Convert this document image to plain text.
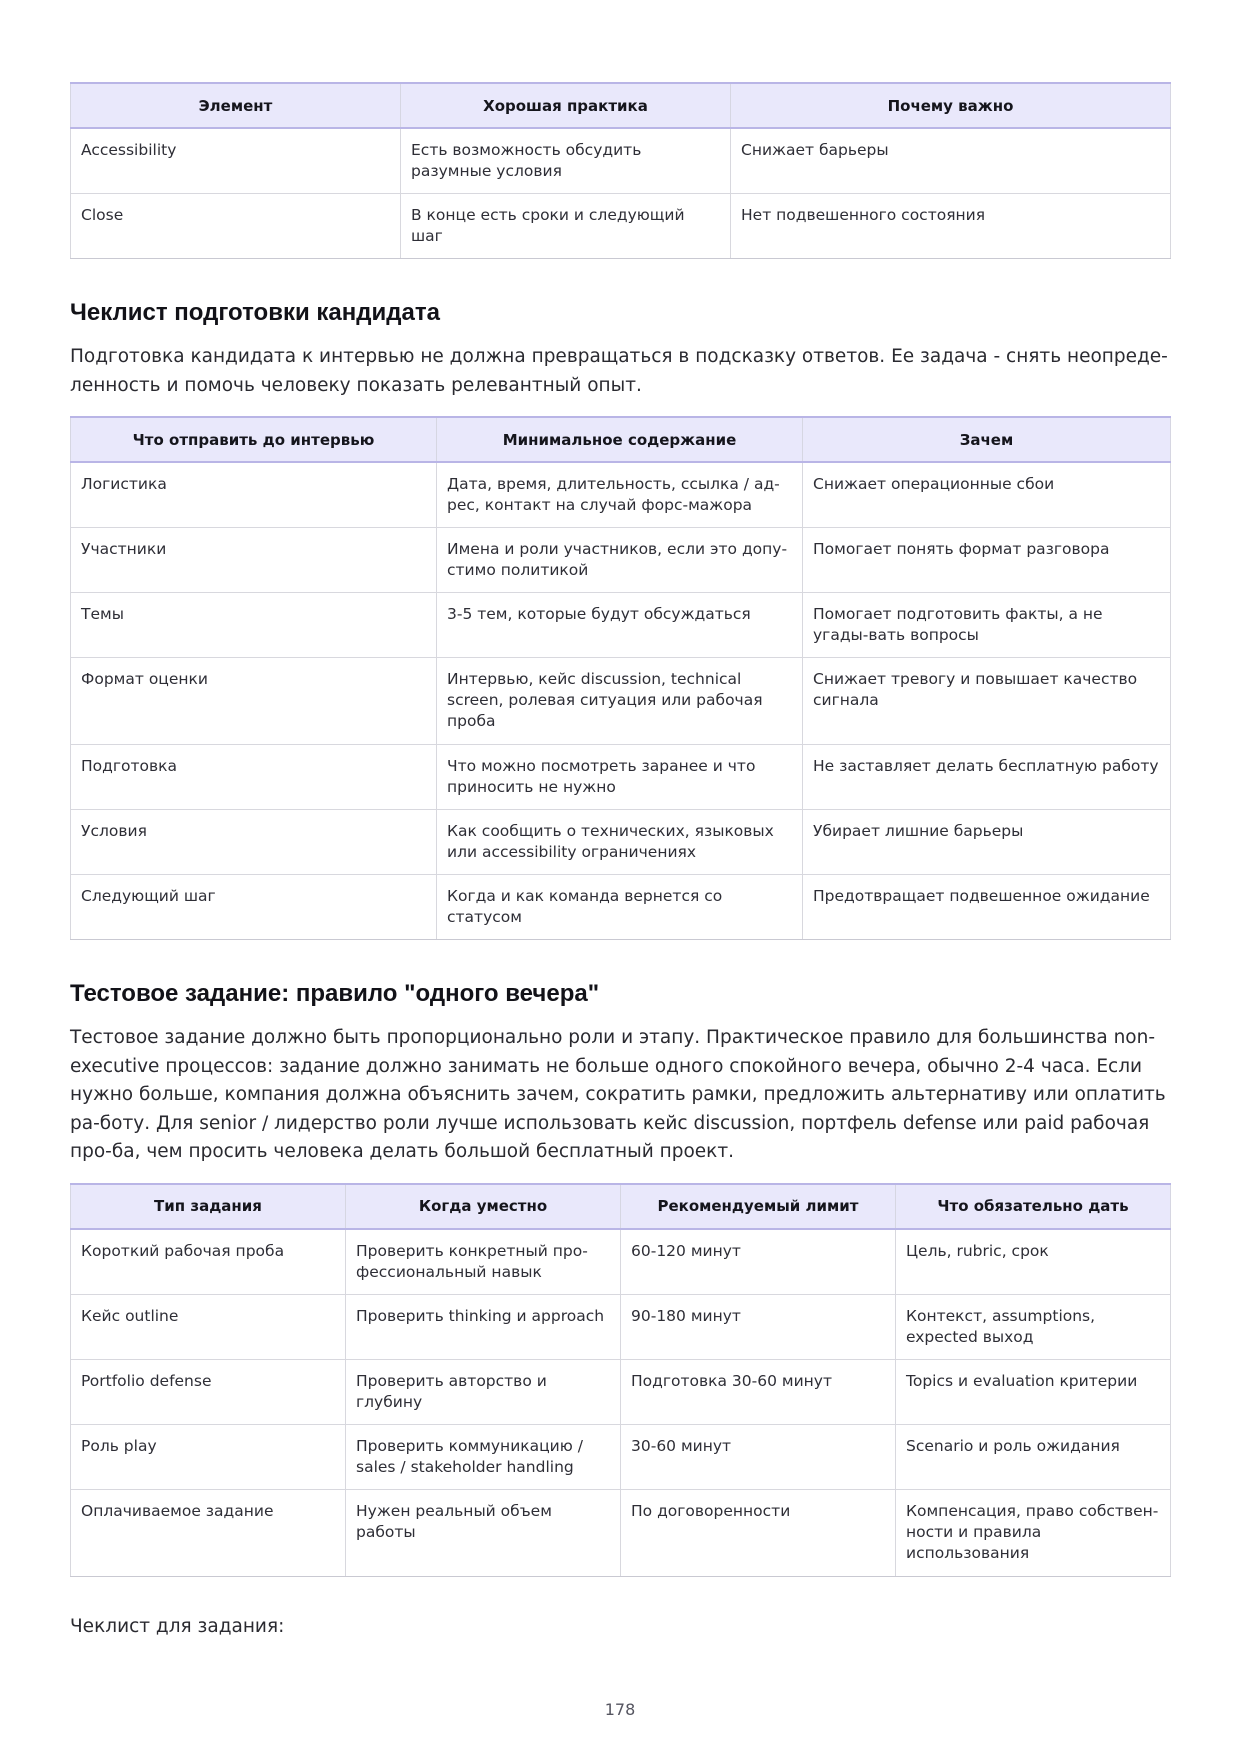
Элемент	Хорошая практика	Почему важно
Accessibility	Есть возможность обсудить разумные условия	Снижает барьеры
Close	В конце есть сроки и следующий шаг	Нет подвешенного состояния
Чеклист подготовки кандидата

Подготовка кандидата к интервью не должна превращаться в подсказку ответов. Ее задача - снять неопреде-ленность и помочь человеку показать релевантный опыт.

Что отправить до интервью	Минимальное содержание	Зачем
Логистика	Дата, время, длительность, ссылка / ад-рес, контакт на случай форс-мажора	Снижает операционные сбои
Участники	Имена и роли участников, если это допу-стимо политикой	Помогает понять формат разговора
Темы	3-5 тем, которые будут обсуждаться	Помогает подготовить факты, а не угады-вать вопросы
Формат оценки	Интервью, кейс discussion, technical screen, ролевая ситуация или рабочая проба	Снижает тревогу и повышает качество сигнала
Подготовка	Что можно посмотреть заранее и что приносить не нужно	Не заставляет делать бесплатную работу
Условия	Как сообщить о технических, языковых или accessibility ограничениях	Убирает лишние барьеры
Следующий шаг	Когда и как команда вернется со статусом	Предотвращает подвешенное ожидание
Тестовое задание: правило "одного вечера"

Тестовое задание должно быть пропорционально роли и этапу. Практическое правило для большинства non-executive процессов: задание должно занимать не больше одного спокойного вечера, обычно 2-4 часа. Если нужно больше, компания должна объяснить зачем, сократить рамки, предложить альтернативу или оплатить ра-боту. Для senior / лидерство роли лучше использовать кейс discussion, портфель defense или paid рабочая про-ба, чем просить человека делать большой бесплатный проект.

Тип задания	Когда уместно	Рекомендуемый лимит	Что обязательно дать
Короткий рабочая проба	Проверить конкретный про-фессиональный навык	60-120 минут	Цель, rubric, срок
Кейс outline	Проверить thinking и approach	90-180 минут	Контекст, assumptions, expected выход
Portfolio defense	Проверить авторство и глубину	Подготовка 30-60 минут	Topics и evaluation критерии
Роль play	Проверить коммуникацию / sales / stakeholder handling	30-60 минут	Scenario и роль ожидания
Оплачиваемое задание	Нужен реальный объем работы	По договоренности	Компенсация, право собствен-ности и правила использования

Чеклист для задания:

178
